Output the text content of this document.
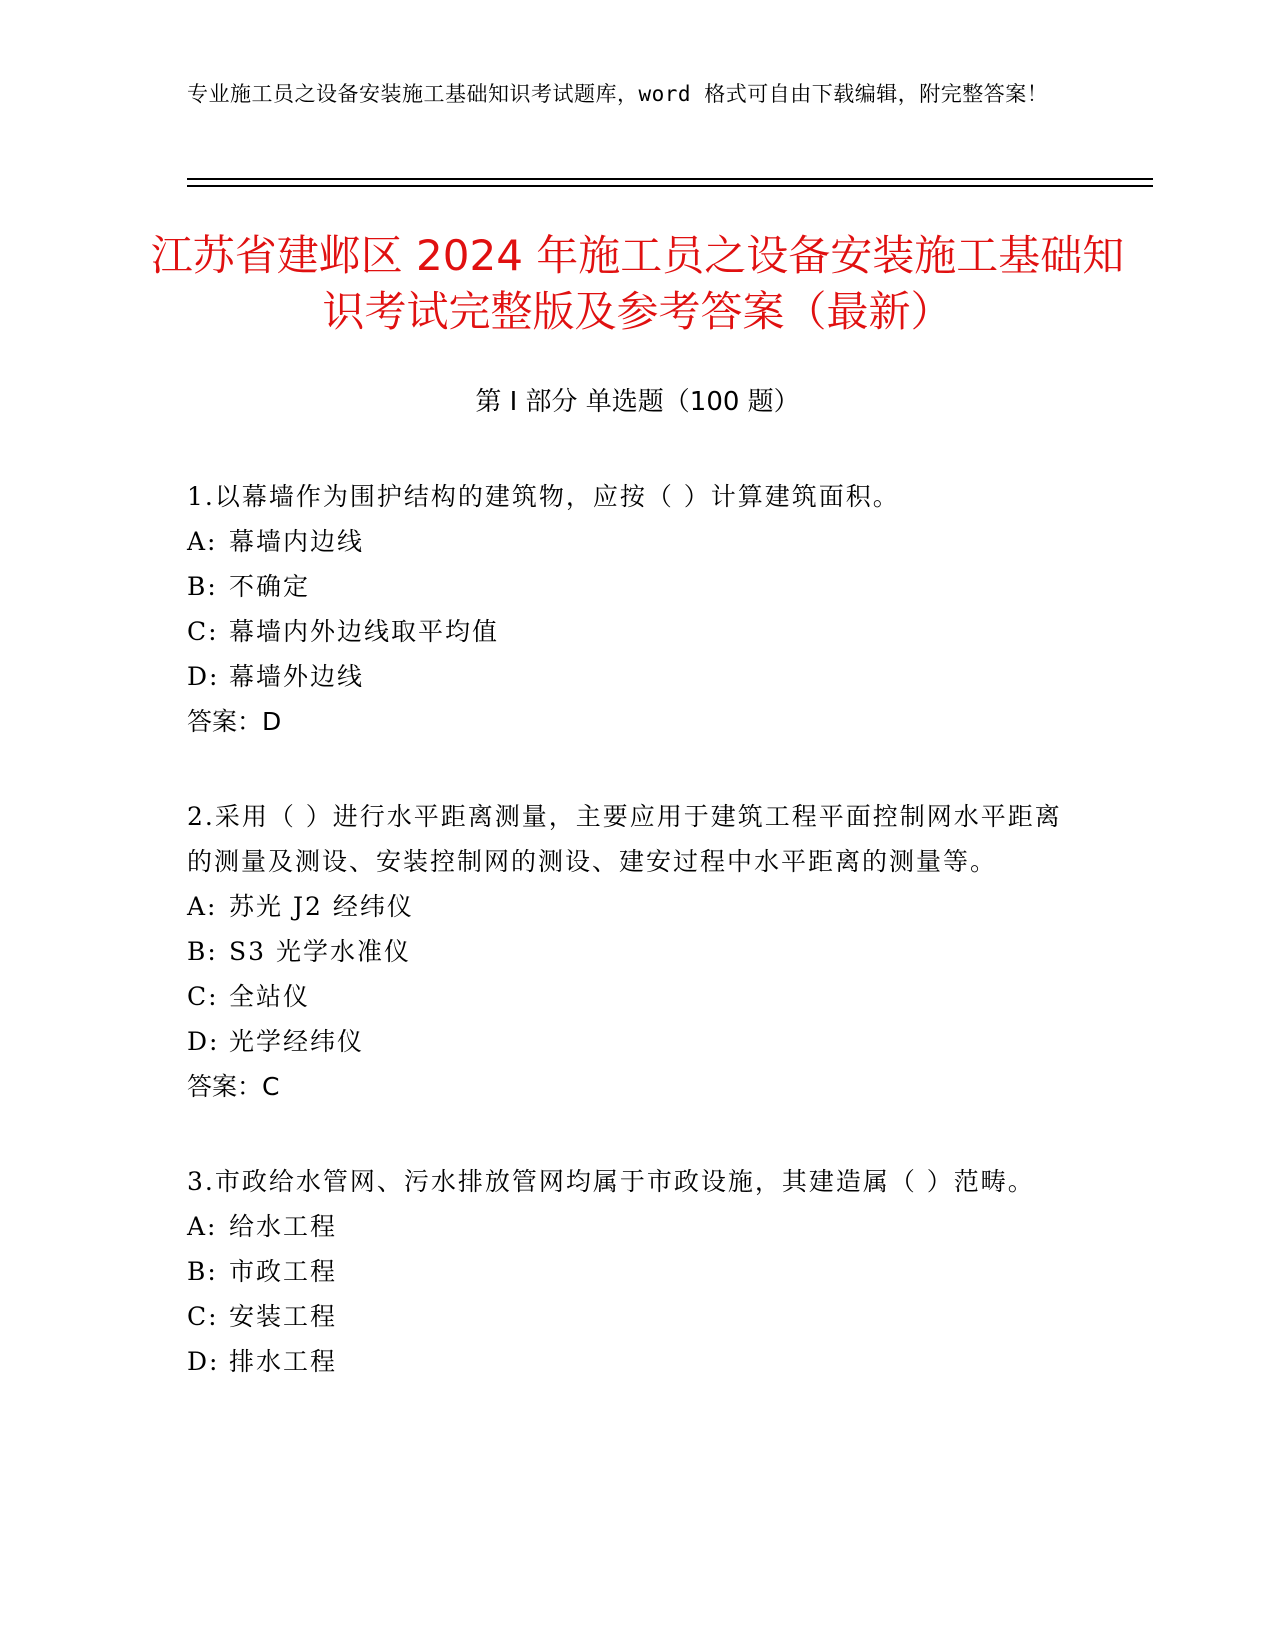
专业施工员之设备安装施工基础知识考试题库，word 格式可自由下载编辑，附完整答案！
江苏省建邺区 2024 年施工员之设备安装施工基础知识考试完整版及参考答案（最新）
第 I 部分 单选题（100 题）
1.以幕墙作为围护结构的建筑物，应按（ ）计算建筑面积。
A: 幕墙内边线
B: 不确定
C: 幕墙内外边线取平均值
D: 幕墙外边线
答案：D
2.采用（ ）进行水平距离测量，主要应用于建筑工程平面控制网水平距离的测量及测设、安装控制网的测设、建安过程中水平距离的测量等。
A: 苏光 J2 经纬仪
B: S3 光学水准仪
C: 全站仪
D: 光学经纬仪
答案：C
3.市政给水管网、污水排放管网均属于市政设施，其建造属（ ）范畴。
A: 给水工程
B: 市政工程
C: 安装工程
D: 排水工程
